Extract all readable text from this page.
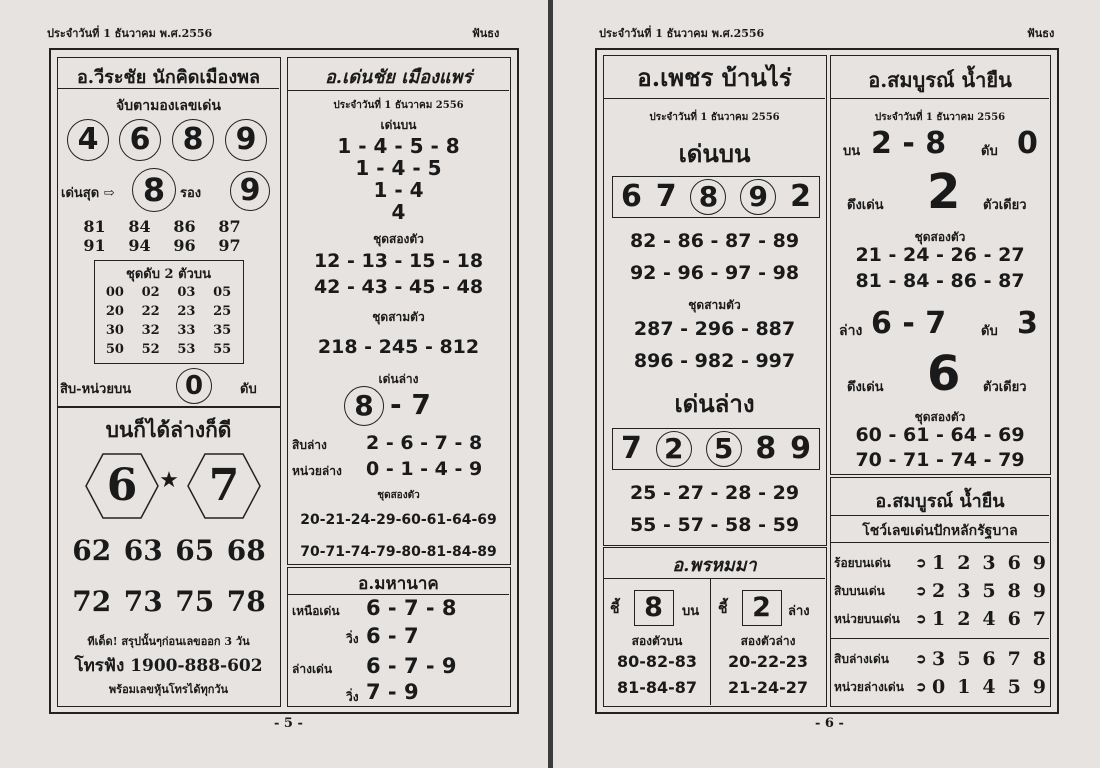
ประจำวันที่ 1 ธันวาคม พ.ศ.2556	ฟันธง
อ.วีระชัย นักคิดเมืองพล
จับตามองเลขเด่น
4	6	8	9
เด่นสุด ⇨ 8	รอง	9
81	84	86	87
91	94	96	97
ชุดดับ 2 ตัวบน
00	02	03	05
20	22	23	25
30	32	33	35
50	52	53	55
สิบ-หน่วยบน	0	ดับ
บนก็ได้ล่างก็ดี
6 ★ 7
62 63 65 68
72 73 75 78
ทีเด็ด! สรุปนั้นๆก่อนเลขออก 3 วัน
โทรฟัง 1900-888-602
พร้อมเลขหุ้นโทรได้ทุกวัน
อ.เด่นชัย เมืองแพร่
ประจำวันที่ 1 ธันวาคม 2556
เด่นบน
1 - 4 - 5 - 8
1 - 4 - 5
1 - 4
4
ชุดสองตัว
12 - 13 - 15 - 18
42 - 43 - 45 - 48
ชุดสามตัว
218 - 245 - 812
เด่นล่าง
8 - 7
สิบล่าง 2 - 6 - 7 - 8
หน่วยล่าง 0 - 1 - 4 - 9
ชุดสองตัว
20-21-24-29-60-61-64-69
70-71-74-79-80-81-84-89
อ.มหานาค
เหนือเด่น 6 - 7 - 8
วิ่ง 6 - 7
ล่างเด่น 6 - 7 - 9
วิ่ง 7 - 9
- 5 -
ประจำวันที่ 1 ธันวาคม พ.ศ.2556	ฟันธง
อ.เพชร บ้านไร่
ประจำวันที่ 1 ธันวาคม 2556
เด่นบน
6 7 8 9 2
82 - 86 - 87 - 89
92 - 96 - 97 - 98
ชุดสามตัว
287 - 296 - 887
896 - 982 - 997
เด่นล่าง
7 2 5 8 9
25 - 27 - 28 - 29
55 - 57 - 58 - 59
อ.พรหมมา
ชี้ 8	บน
สองตัวบน
80-82-83
81-84-87
ชี้ 2	ล่าง
สองตัวล่าง
20-22-23
21-24-27
อ.สมบูรณ์ น้ำยืน
ประจำวันที่ 1 ธันวาคม 2556
บน 2 - 8	ดับ 0
ดึงเด่น 2 ตัวเดียว
ชุดสองตัว
21 - 24 - 26 - 27
81 - 84 - 86 - 87
ล่าง 6 - 7	ดับ 3
ดึงเด่น 6 ตัวเดียว
ชุดสองตัว
60 - 61 - 64 - 69
70 - 71 - 74 - 79
อ.สมบูรณ์ น้ำยืน
โชว์เลขเด่นปักหลักรัฐบาล
ร้อยบนเด่น	➲ 1 2 3 6 9
สิบบนเด่น	➲ 2 3 5 8 9
หน่วยบนเด่น	➲ 1 2 4 6 7
สิบล่างเด่น	➲ 3 5 6 7 8
หน่วยล่างเด่น ➲ 0 1 4 5 9
- 6 -
